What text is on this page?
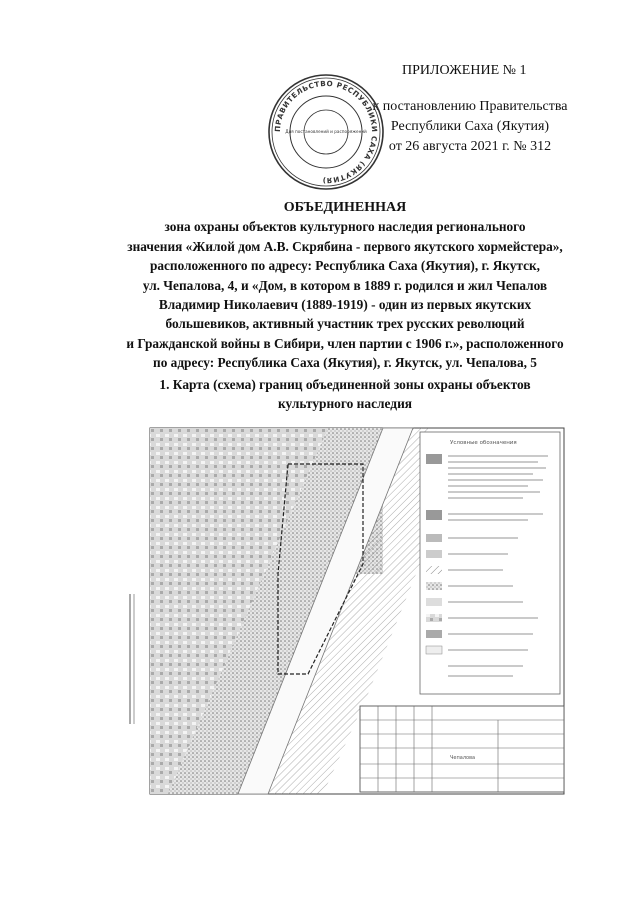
ПРИЛОЖЕНИЕ № 1
к постановлению Правительства
Республики Саха (Якутия)
от 26 августа 2021 г. № 312
ПРАВИТЕЛЬСТВО РЕСПУБЛИКИ САХА (ЯКУТИЯ)
Для постановлений и распоряжений
ОБЪЕДИНЕННАЯ
зона охраны объектов культурного наследия регионального
значения «Жилой дом А.В. Скрябина - первого якутского хормейстера»,
расположенного по адресу: Республика Саха (Якутия), г. Якутск,
ул. Чепалова, 4, и «Дом, в котором в 1889 г. родился и жил Чепалов
Владимир Николаевич (1889-1919) - один из первых якутских
большевиков, активный участник трех русских революций
и Гражданской войны в Сибири, член партии с 1906 г.», расположенного
по адресу: Республика Саха (Якутия), г. Якутск, ул. Чепалова, 5
1. Карта (схема) границ объединенной зоны охраны объектов
культурного наследия
Условные обозначения
Чепалова
